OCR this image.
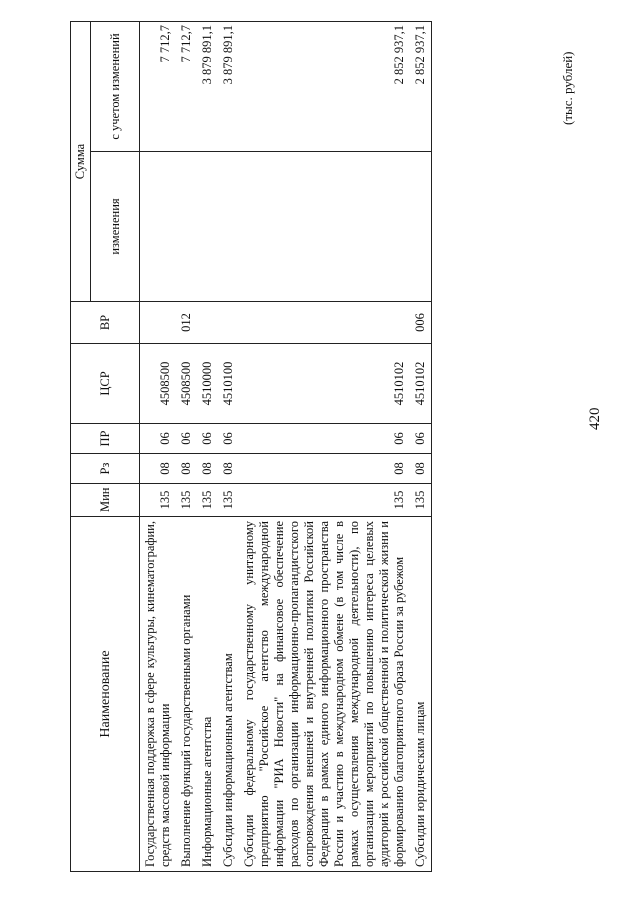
420
(тыс. рублей)
Наименование	Мин	Рз	ПР	ЦСР	ВР	Сумма	
						изменения	с учетом изменений
Государственная поддержка в сфере культуры, кинематографии, средств массовой информации	135	08	06	4508500			7 712,7
Выполнение функций государственными органами	135	08	06	4508500	012		7 712,7
Информационные агентства	135	08	06	4510000			3 879 891,1
Субсидии информационным агентствам	135	08	06	4510100			3 879 891,1
Субсидии федеральному государственному унитарному предприятию "Российское агентство международной информации "РИА Новости" на финансовое обеспечение расходов по организации информационно-пропагандистского сопровождения внешней и внутренней политики Российской Федерации в рамках единого информационного пространства России и участию в международном обмене (в том числе в рамках осуществления международной деятельности), по организации мероприятий по повышению интереса целевых аудиторий к российской общественной и политической жизни и формированию благоприятного образа России за рубежом	135	08	06	4510102			2 852 937,1
Субсидии юридическим лицам	135	08	06	4510102	006		2 852 937,1
